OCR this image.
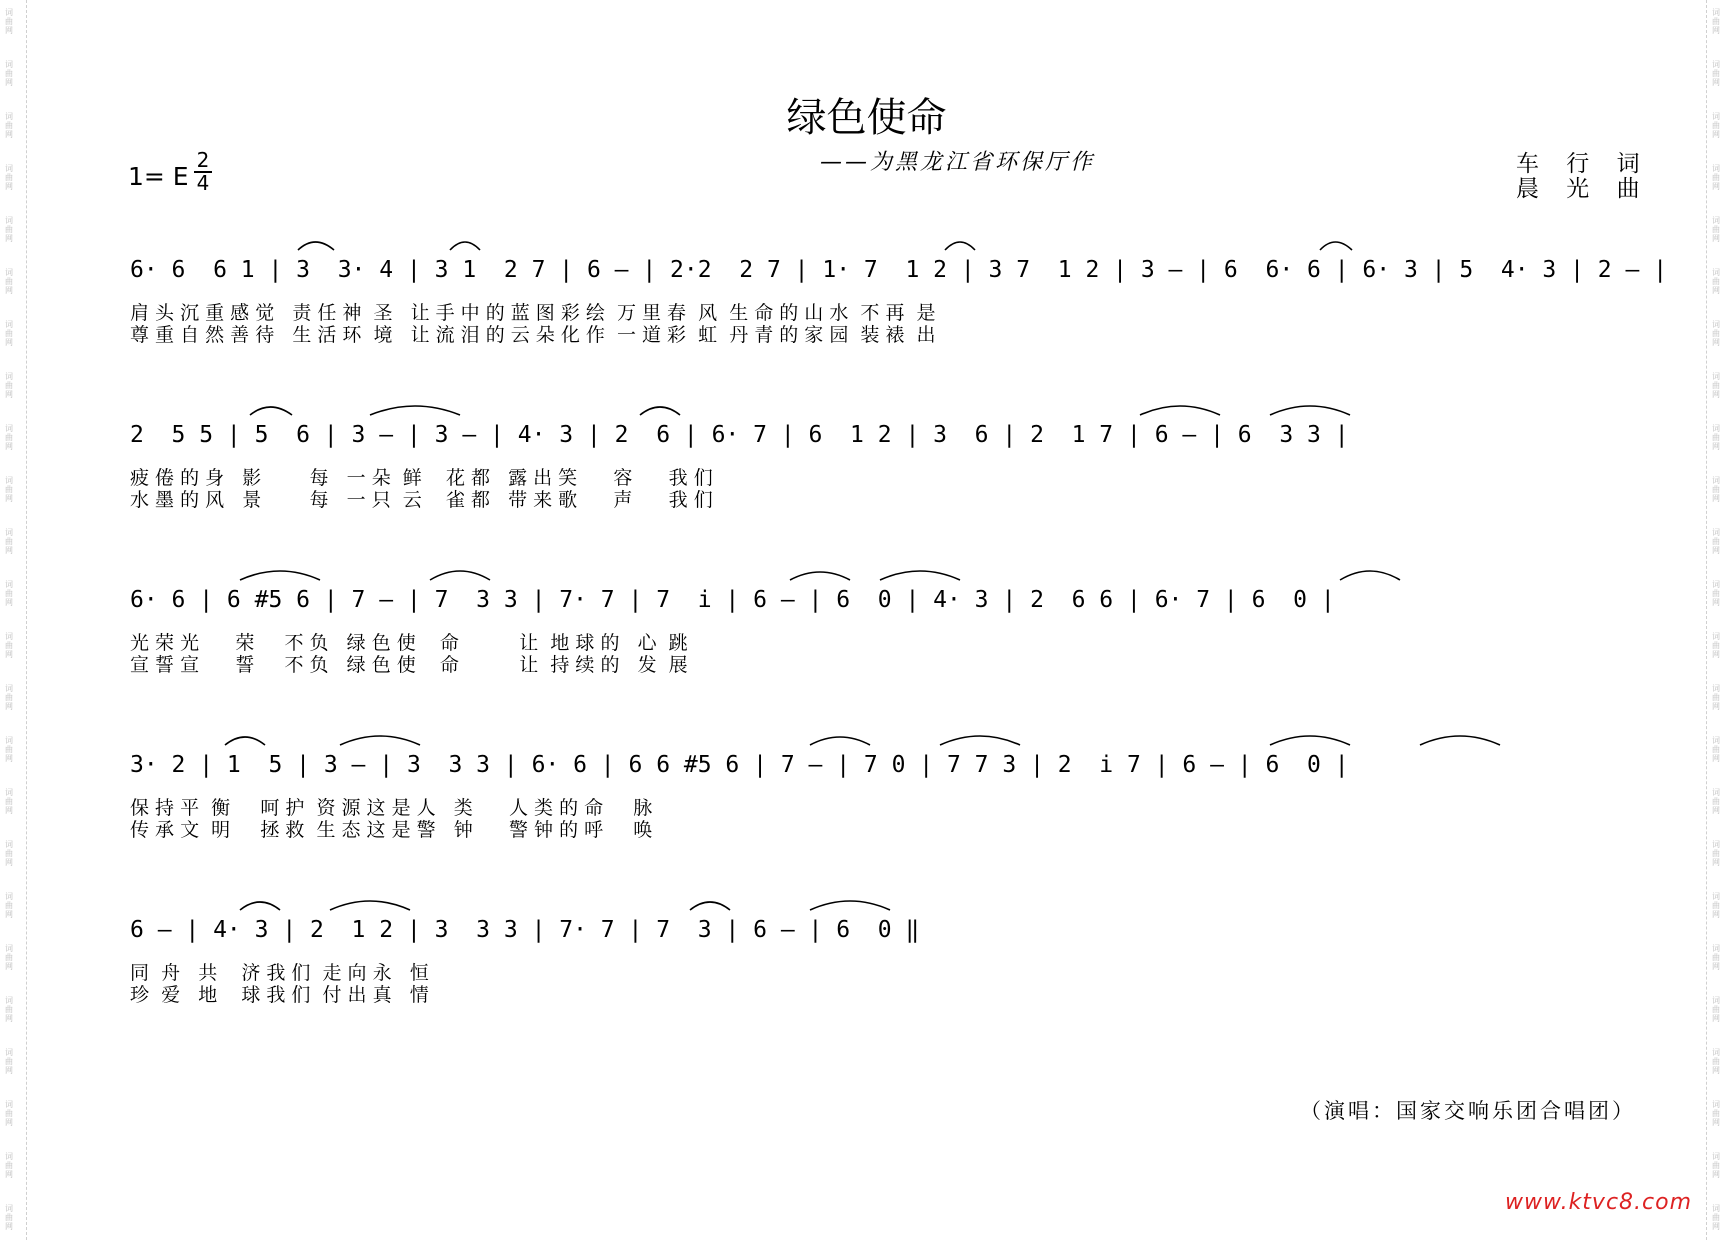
词曲网
词曲网
词曲网
词曲网
词曲网
词曲网
词曲网
词曲网
词曲网
词曲网
词曲网
词曲网
词曲网
词曲网
词曲网
词曲网
词曲网
词曲网
词曲网
词曲网
词曲网
词曲网
词曲网
词曲网
词曲网
词曲网
词曲网
词曲网
词曲网
词曲网
词曲网
词曲网
词曲网
词曲网
词曲网
词曲网
词曲网
词曲网
词曲网
词曲网
词曲网
词曲网
词曲网
词曲网
词曲网
词曲网
词曲网
词曲网
绿色使命
——为黑龙江省环保厅作
1= E
2
4
车 行 词
晨 光 曲
6· 6  6 1 | 3  3· 4 | 3 1  2 7 | 6 — | 2·2  2 7 | 1· 7  1 2 | 3 7  1 2 | 3 — | 6  6· 6 | 6· 3 | 5  4· 3 | 2 — |
肩 头 沉 重 感 觉   责 任 神  圣   让 手 中 的 蓝 图 彩 绘  万 里 春  风  生 命 的 山 水  不 再  是
尊 重 自 然 善 待   生 活 环  境   让 流 泪 的 云 朵 化 作  一 道 彩  虹  丹 青 的 家 园  装 裱  出
2  5 5 | 5  6 | 3 — | 3 — | 4· 3 | 2  6 | 6· 7 | 6  1 2 | 3  6 | 2  1 7 | 6 — | 6  3 3 |
疲 倦 的 身   影        每   一 朵  鲜    花 都   露 出 笑      容      我 们
水 墨 的 风   景        每   一 只  云    雀 都   带 来 歌      声      我 们
6· 6 | 6 #5 6 | 7 — | 7  3 3 | 7· 7 | 7  i | 6 — | 6  0 | 4· 3 | 2  6 6 | 6· 7 | 6  0 |
光 荣 光      荣     不 负   绿 色 使    命          让  地 球 的   心  跳
宣 誓 宣      誓     不 负   绿 色 使    命          让  持 续 的   发  展
3· 2 | 1  5 | 3 — | 3  3 3 | 6· 6 | 6 6 #5 6 | 7 — | 7 0 | 7 7 3 | 2  i 7 | 6 — | 6  0 |
保 持 平  衡     呵 护  资 源 这 是 人   类      人 类 的 命     脉
传 承 文  明     拯 救  生 态 这 是 警   钟      警 钟 的 呼     唤
6 — | 4· 3 | 2  1 2 | 3  3 3 | 7· 7 | 7  3 | 6 — | 6  0 ‖
同  舟   共    济 我 们  走 向 永   恒
珍  爱   地    球 我 们  付 出 真   情
（演唱：国家交响乐团合唱团）
www.ktvc8.com
